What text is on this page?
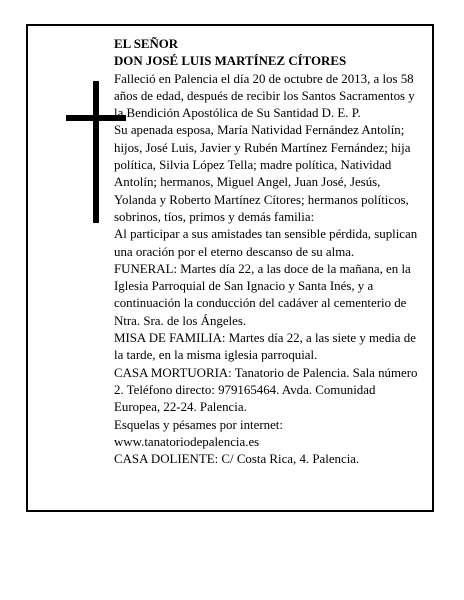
EL SEÑOR

DON JOSÉ LUIS MARTÍNEZ CÍTORES

Falleció en Palencia el día 20 de octubre de 2013, a los 58 años de edad, después de recibir los Santos Sacramentos y la Bendición Apostólica de Su Santidad D. E. P.

Su apenada esposa, María Natividad Fernández Antolín; hijos, José Luis, Javier y Rubén Martínez Fernández; hija política, Silvia López Tella; madre política, Natividad Antolín; hermanos, Miguel Angel, Juan José, Jesús, Yolanda y Roberto Martínez Cítores; hermanos políticos, sobrinos, tíos, primos y demás familia:

Al participar a sus amistades tan sensible pérdida, suplican una oración por el eterno descanso de su alma.

FUNERAL: Martes día 22, a las doce de la mañana, en la Iglesia Parroquial de San Ignacio y Santa Inés, y a continuación la conducción del cadáver al cementerio de Ntra. Sra. de los Ángeles.

MISA DE FAMILIA: Martes día 22, a las siete y media de la tarde, en la misma iglesia parroquial.

CASA MORTUORIA: Tanatorio de Palencia. Sala número 2. Teléfono directo: 979165464. Avda. Comunidad Europea, 22-24. Palencia.

Esquelas y pésames por internet: www.tanatoriodepalencia.es

CASA DOLIENTE: C/ Costa Rica, 4. Palencia.
